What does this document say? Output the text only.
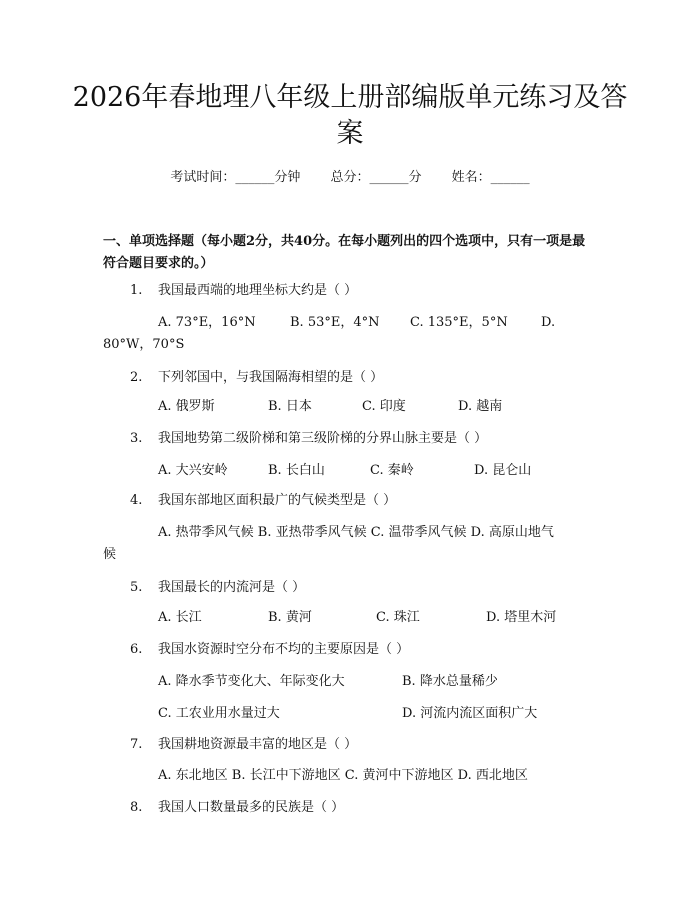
2026年春地理八年级上册部编版单元练习及答案
考试时间：______分钟 总分：______分 姓名：______
一、单项选择题（每小题2分，共40分。在每小题列出的四个选项中，只有一项是最符合题目要求的。）
1. 我国最西端的地理坐标大约是（ ）
A. 73°E，16°N	B. 53°E，4°N C. 135°E，5°N	D.
80°W，70°S
2. 下列邻国中，与我国隔海相望的是（ ）
A. 俄罗斯	B. 日本	C. 印度	D. 越南
3. 我国地势第二级阶梯和第三级阶梯的分界山脉主要是（ ）
A. 大兴安岭	B. 长白山	C. 秦岭	D. 昆仑山
4. 我国东部地区面积最广的气候类型是（ ）
A. 热带季风气候 B. 亚热带季风气候 C. 温带季风气候 D. 高原山地气
候
5. 我国最长的内流河是（ ）
A. 长江	B. 黄河	C. 珠江	D. 塔里木河
6. 我国水资源时空分布不均的主要原因是（ ）
A. 降水季节变化大、年际变化大	B. 降水总量稀少
C. 工农业用水量过大	D. 河流内流区面积广大
7. 我国耕地资源最丰富的地区是（ ）
A. 东北地区 B. 长江中下游地区 C. 黄河中下游地区 D. 西北地区
8. 我国人口数量最多的民族是（ ）
